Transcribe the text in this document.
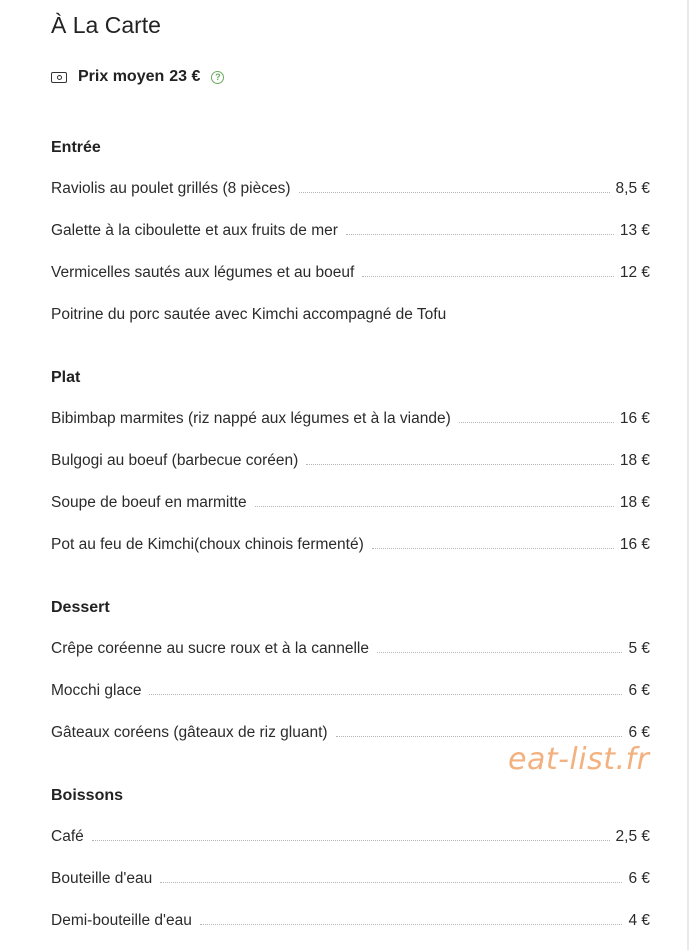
À La Carte
Prix moyen 23 €	?
Entrée
Raviolis au poulet grillés (8 pièces)	8,5 €
Galette à la ciboulette et aux fruits de mer	13 €
Vermicelles sautés aux légumes et au boeuf	12 €
Poitrine du porc sautée avec Kimchi accompagné de Tofu
Plat
Bibimbap marmites (riz nappé aux légumes et à la viande)	16 €
Bulgogi au boeuf (barbecue coréen)	18 €
Soupe de boeuf en marmitte	18 €
Pot au feu de Kimchi(choux chinois fermenté)	16 €
Dessert
Crêpe coréenne au sucre roux et à la cannelle	5 €
Mocchi glace	6 €
Gâteaux coréens (gâteaux de riz gluant)	6 €
Boissons
Café	2,5 €
Bouteille d'eau	6 €
Demi-bouteille d'eau	4 €
eat-list.fr
